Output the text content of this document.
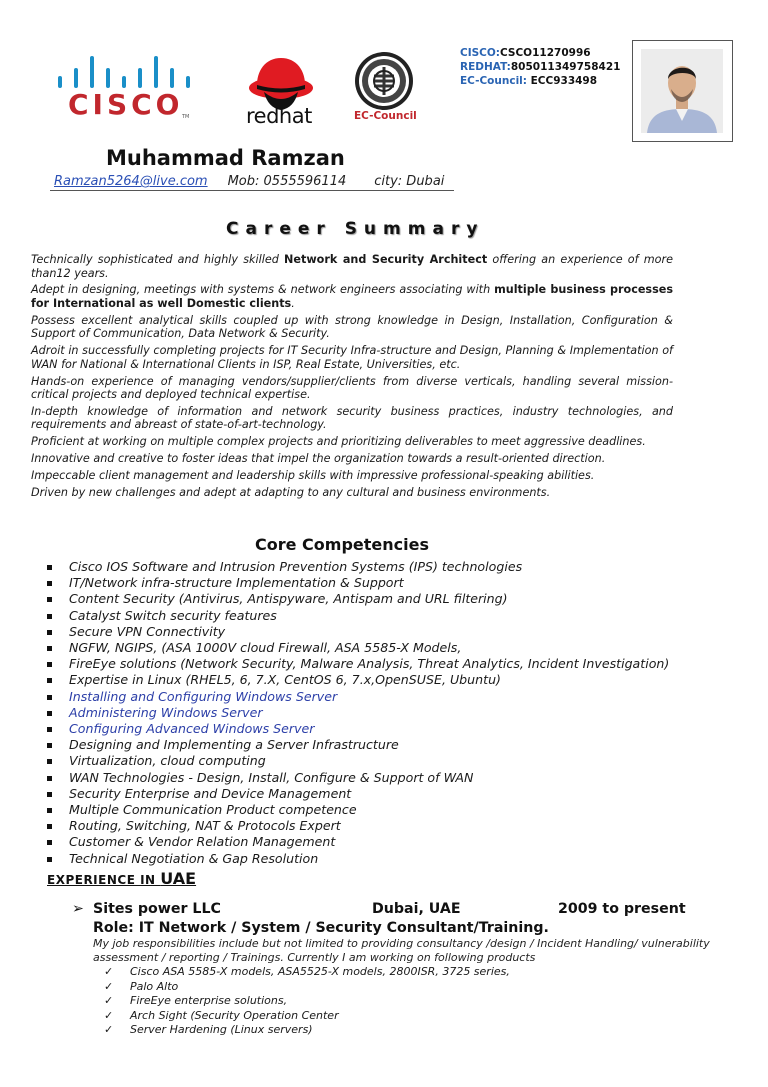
CISCO
TM	redhat	EC-Council
CISCO:CSCO11270996
REDHAT:805011349758421
EC-Council: ECC933498
Muhammad Ramzan
Ramzan5264@live.com Mob: 0555596114 city: Dubai
Career Summary

Technically sophisticated and highly skilled Network and Security Architect offering an experience of more than12 years.

Adept in designing, meetings with systems & network engineers associating with multiple business processes for International as well Domestic clients.

Possess excellent analytical skills coupled up with strong knowledge in Design, Installation, Configuration & Support of Communication, Data Network & Security.

Adroit in successfully completing projects for IT Security Infra-structure and Design, Planning & Implementation of WAN for National & International Clients in ISP, Real Estate, Universities, etc.

Hands-on experience of managing vendors/supplier/clients from diverse verticals, handling several mission-critical projects and deployed technical expertise.

In-depth knowledge of information and network security business practices, industry technologies, and requirements and abreast of state-of-art-technology.

Proficient at working on multiple complex projects and prioritizing deliverables to meet aggressive deadlines.

Innovative and creative to foster ideas that impel the organization towards a result-oriented direction.

Impeccable client management and leadership skills with impressive professional-speaking abilities.

Driven by new challenges and adept at adapting to any cultural and business environments.

Core Competencies
Cisco IOS Software and Intrusion Prevention Systems (IPS) technologies
IT/Network infra-structure Implementation & Support
Content Security (Antivirus, Antispyware, Antispam and URL filtering)
Catalyst Switch security features
Secure VPN Connectivity
NGFW, NGIPS, (ASA 1000V cloud Firewall, ASA 5585-X Models,
FireEye solutions (Network Security, Malware Analysis, Threat Analytics, Incident Investigation)
Expertise in Linux (RHEL5, 6, 7.X, CentOS 6, 7.x,OpenSUSE, Ubuntu)
Installing and Configuring Windows Server
Administering Windows Server
Configuring Advanced Windows Server
Designing and Implementing a Server Infrastructure
Virtualization, cloud computing
WAN Technologies - Design, Install, Configure & Support of WAN
Security Enterprise and Device Management
Multiple Communication Product competence
Routing, Switching, NAT & Protocols Expert
Customer & Vendor Relation Management
Technical Negotiation & Gap Resolution
EXPERIENCE IN UAE
➢ Sites power LLC	Dubai, UAE	2009 to present
Role: IT Network / System / Security Consultant/Training.
My job responsibilities include but not limited to providing consultancy /design / Incident Handling/ vulnerability assessment / reporting / Trainings. Currently I am working on following products
✓ Cisco ASA 5585-X models, ASA5525-X models, 2800ISR, 3725 series,
✓ Palo Alto
✓ FireEye enterprise solutions,
✓ Arch Sight (Security Operation Center
✓ Server Hardening (Linux servers)
